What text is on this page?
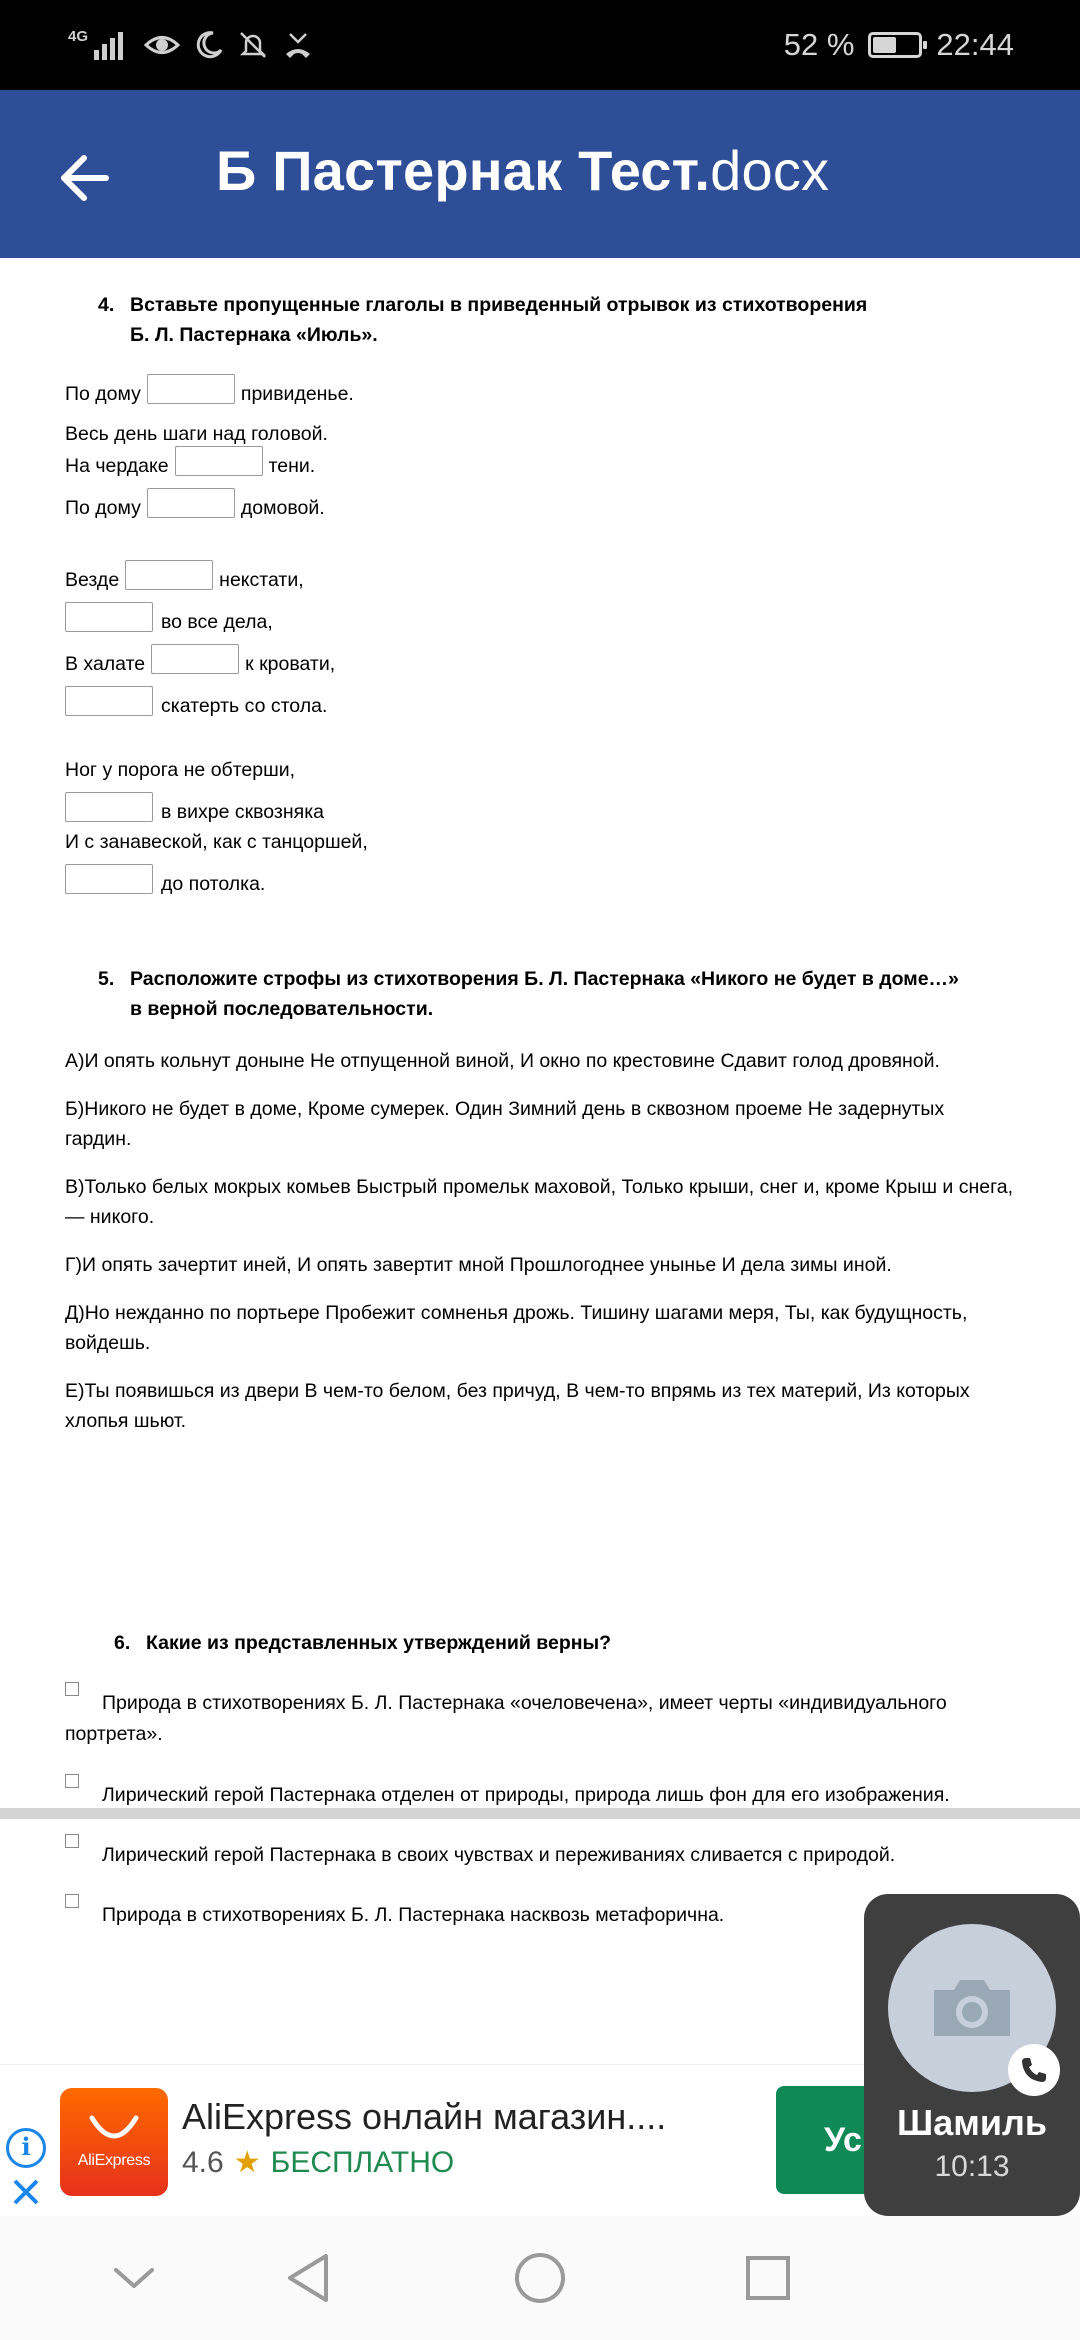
4G	52 %	22:44
Б Пастернак Тест.docx
4. Вставьте пропущенные глаголы в приведенный отрывок из стихотворения
Б. Л. Пастернака «Июль».
По дому	привиденье.
Весь день шаги над головой.
На чердаке	тени.
По дому	домовой.
Везде	некстати,
во все дела,
В халате	к кровати,
скатерть со стола.
Ног у порога не обтерши,
в вихре сквозняка
И с занавеской, как с танцоршей,
до потолка.
5. Расположите строфы из стихотворения Б. Л. Пастернака «Никого не будет в доме…»
в верной последовательности.
А)И опять кольнут доныне Не отпущенной виной, И окно по крестовине Сдавит голод дровяной.
Б)Никого не будет в доме, Кроме сумерек. Один Зимний день в сквозном проеме Не задернутых гардин.
В)Только белых мокрых комьев Быстрый промельк маховой, Только крыши, снег и, кроме Крыш и снега, — никого.
Г)И опять зачертит иней, И опять завертит мной Прошлогоднее унынье И дела зимы иной.
Д)Но нежданно по портьере Пробежит сомненья дрожь. Тишину шагами меря, Ты, как будущность, войдешь.
Е)Ты появишься из двери В чем-то белом, без причуд, В чем-то впрямь из тех материй, Из которых хлопья шьют.
6. Какие из представленных утверждений верны?
Природа в стихотворениях Б. Л. Пастернака «очеловечена», имеет черты «индивидуального портрета».
Лирический герой Пастернака отделен от природы, природа лишь фон для его изображения.
Лирический герой Пастернака в своих чувствах и переживаниях сливается с природой.
Природа в стихотворениях Б. Л. Пастернака насквозь метафорична.
i	AliExpress
AliExpress онлайн магазин....
4.6 ★ БЕСПЛАТНО
Ус Шамиль
10:13
